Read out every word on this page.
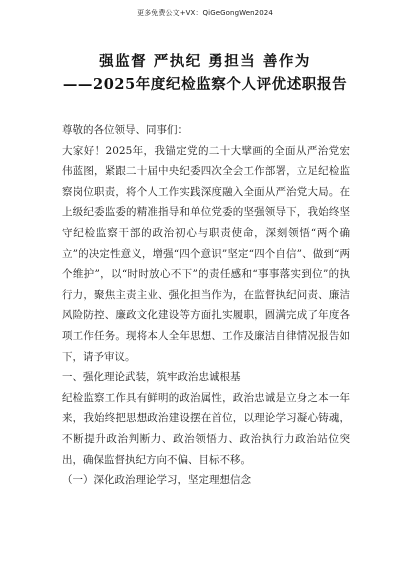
更多免费公文+VX：QiGeGongWen2024
强监督 严执纪 勇担当 善作为
——2025年度纪检监察个人评优述职报告

尊敬的各位领导、同事们：

大家好！2025年，我锚定党的二十大擘画的全面从严治党宏伟蓝图，紧跟二十届中央纪委四次全会工作部署，立足纪检监察岗位职责，将个人工作实践深度融入全面从严治党大局。在上级纪委监委的精准指导和单位党委的坚强领导下，我始终坚守纪检监察干部的政治初心与职责使命，深刻领悟“两个确立”的决定性意义，增强“四个意识”坚定“四个自信”、做到“两个维护”，以“时时放心不下”的责任感和“事事落实到位”的执行力，聚焦主责主业、强化担当作为，在监督执纪问责、廉洁风险防控、廉政文化建设等方面扎实履职，圆满完成了年度各项工作任务。现将本人全年思想、工作及廉洁自律情况报告如下，请予审议。

一、强化理论武装，筑牢政治忠诚根基

纪检监察工作具有鲜明的政治属性，政治忠诚是立身之本一年来，我始终把思想政治建设摆在首位，以理论学习凝心铸魂，不断提升政治判断力、政治领悟力、政治执行力政治站位突出，确保监督执纪方向不偏、目标不移。

（一）深化政治理论学习，坚定理想信念
